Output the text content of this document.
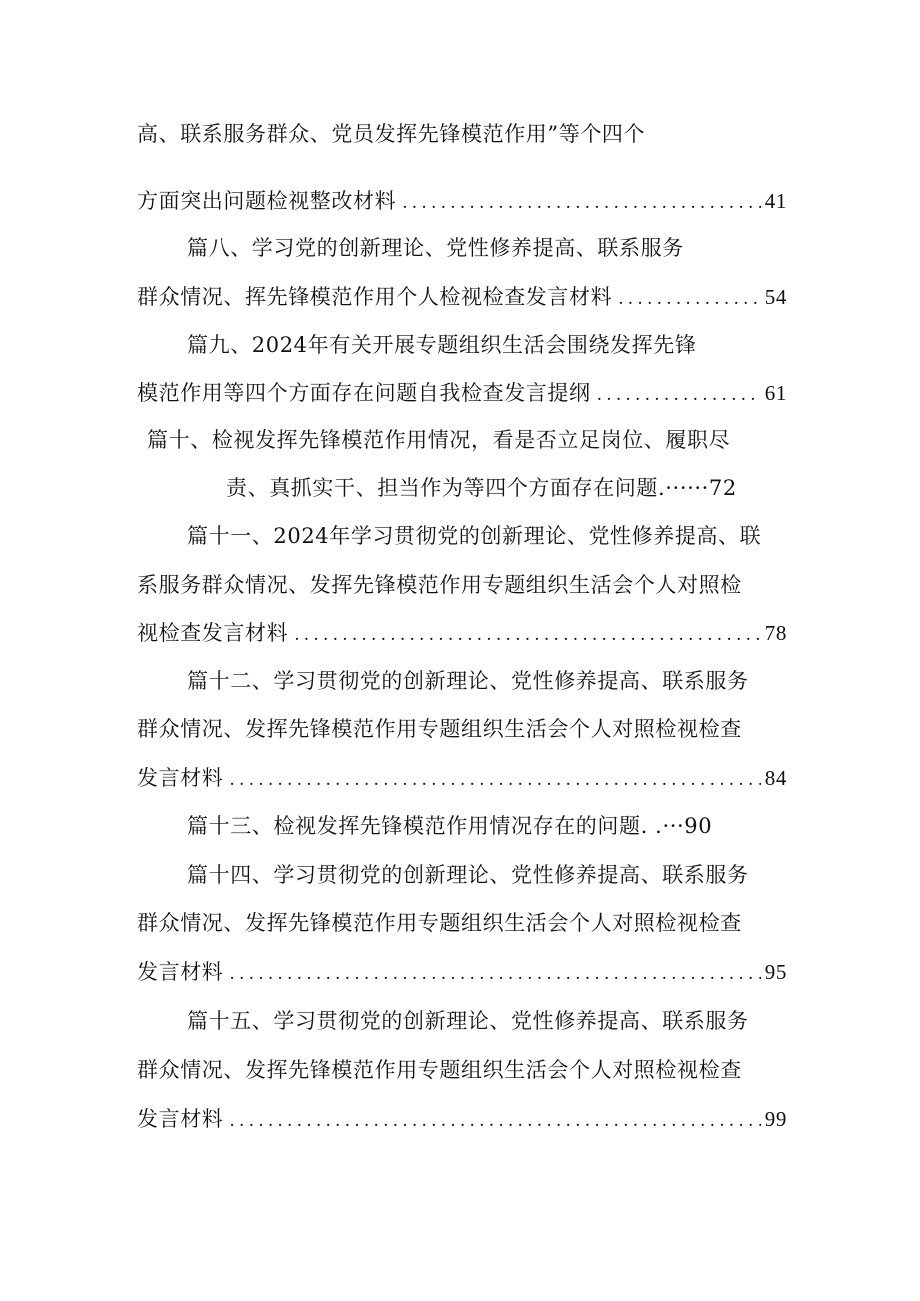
高、联系服务群众、党员发挥先锋模范作用”等个四个
方面突出问题检视整改材料 .....	41
篇八、学习党的创新理论、党性修养提高、联系服务
群众情况、挥先锋模范作用个人检视检查发言材料 .....	54
篇九、2024年有关开展专题组织生活会围绕发挥先锋
模范作用等四个方面存在问题自我检查发言提纲 .....	61
篇十、检视发挥先锋模范作用情况，看是否立足岗位、履职尽
责、真抓实干、担当作为等四个方面存在问题.······72
篇十一、2024年学习贯彻党的创新理论、党性修养提高、联
系服务群众情况、发挥先锋模范作用专题组织生活会个人对照检
视检查发言材料 .....	78
篇十二、学习贯彻党的创新理论、党性修养提高、联系服务
群众情况、发挥先锋模范作用专题组织生活会个人对照检视检查
发言材料 .....	84
篇十三、检视发挥先锋模范作用情况存在的问题. .···90
篇十四、学习贯彻党的创新理论、党性修养提高、联系服务
群众情况、发挥先锋模范作用专题组织生活会个人对照检视检查
发言材料 .....	95
篇十五、学习贯彻党的创新理论、党性修养提高、联系服务
群众情况、发挥先锋模范作用专题组织生活会个人对照检视检查
发言材料 .....	99
